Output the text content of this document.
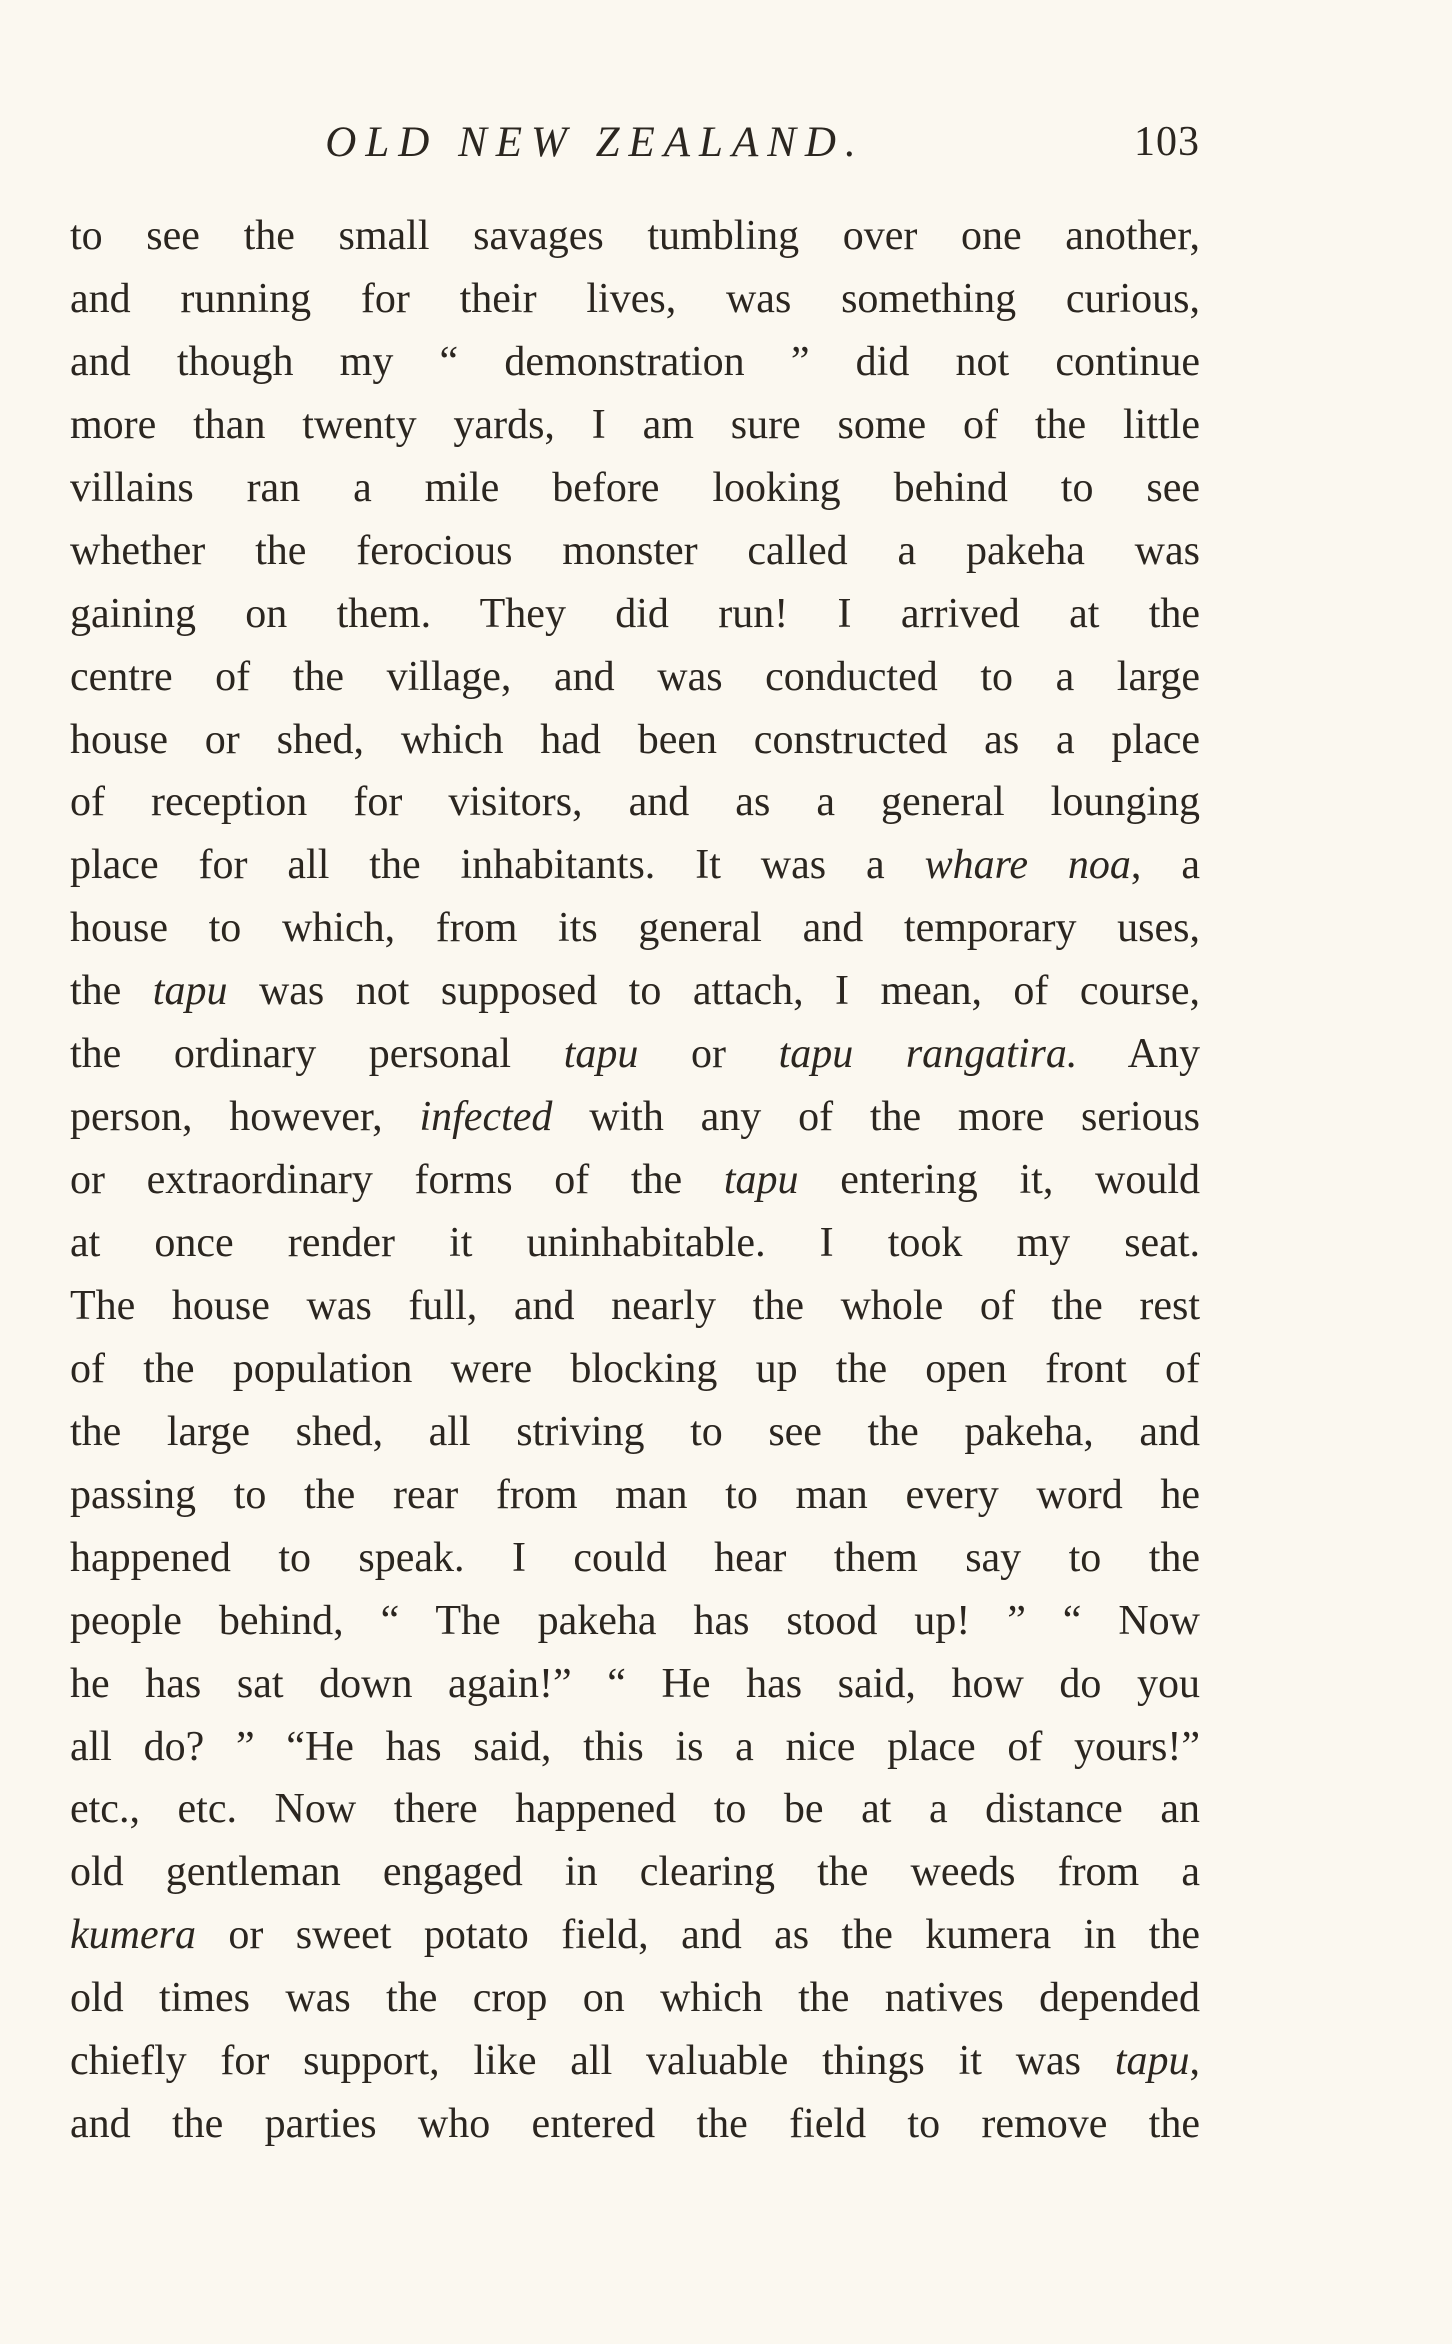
OLD NEW ZEALAND.	103
to see the small savages tumbling over one another,
and running for their lives, was something curious,
and though my “ demonstration ” did not continue
more than twenty yards, I am sure some of the little
villains ran a mile before looking behind to see
whether the ferocious monster called a pakeha was
gaining on them. They did run! I arrived at the
centre of the village, and was conducted to a large
house or shed, which had been constructed as a place
of reception for visitors, and as a general lounging
place for all the inhabitants. It was a whare noa, a
house to which, from its general and temporary uses,
the tapu was not supposed to attach, I mean, of course,
the ordinary personal tapu or tapu rangatira. Any
person, however, infected with any of the more serious
or extraordinary forms of the tapu entering it, would
at once render it uninhabitable. I took my seat.
The house was full, and nearly the whole of the rest
of the population were blocking up the open front of
the large shed, all striving to see the pakeha, and
passing to the rear from man to man every word he
happened to speak. I could hear them say to the
people behind, “ The pakeha has stood up! ” “ Now
he has sat down again!” “ He has said, how do you
all do? ” “He has said, this is a nice place of yours!”
etc., etc. Now there happened to be at a distance an
old gentleman engaged in clearing the weeds from a
kumera or sweet potato field, and as the kumera in the
old times was the crop on which the natives depended
chiefly for support, like all valuable things it was tapu,
and the parties who entered the field to remove the
